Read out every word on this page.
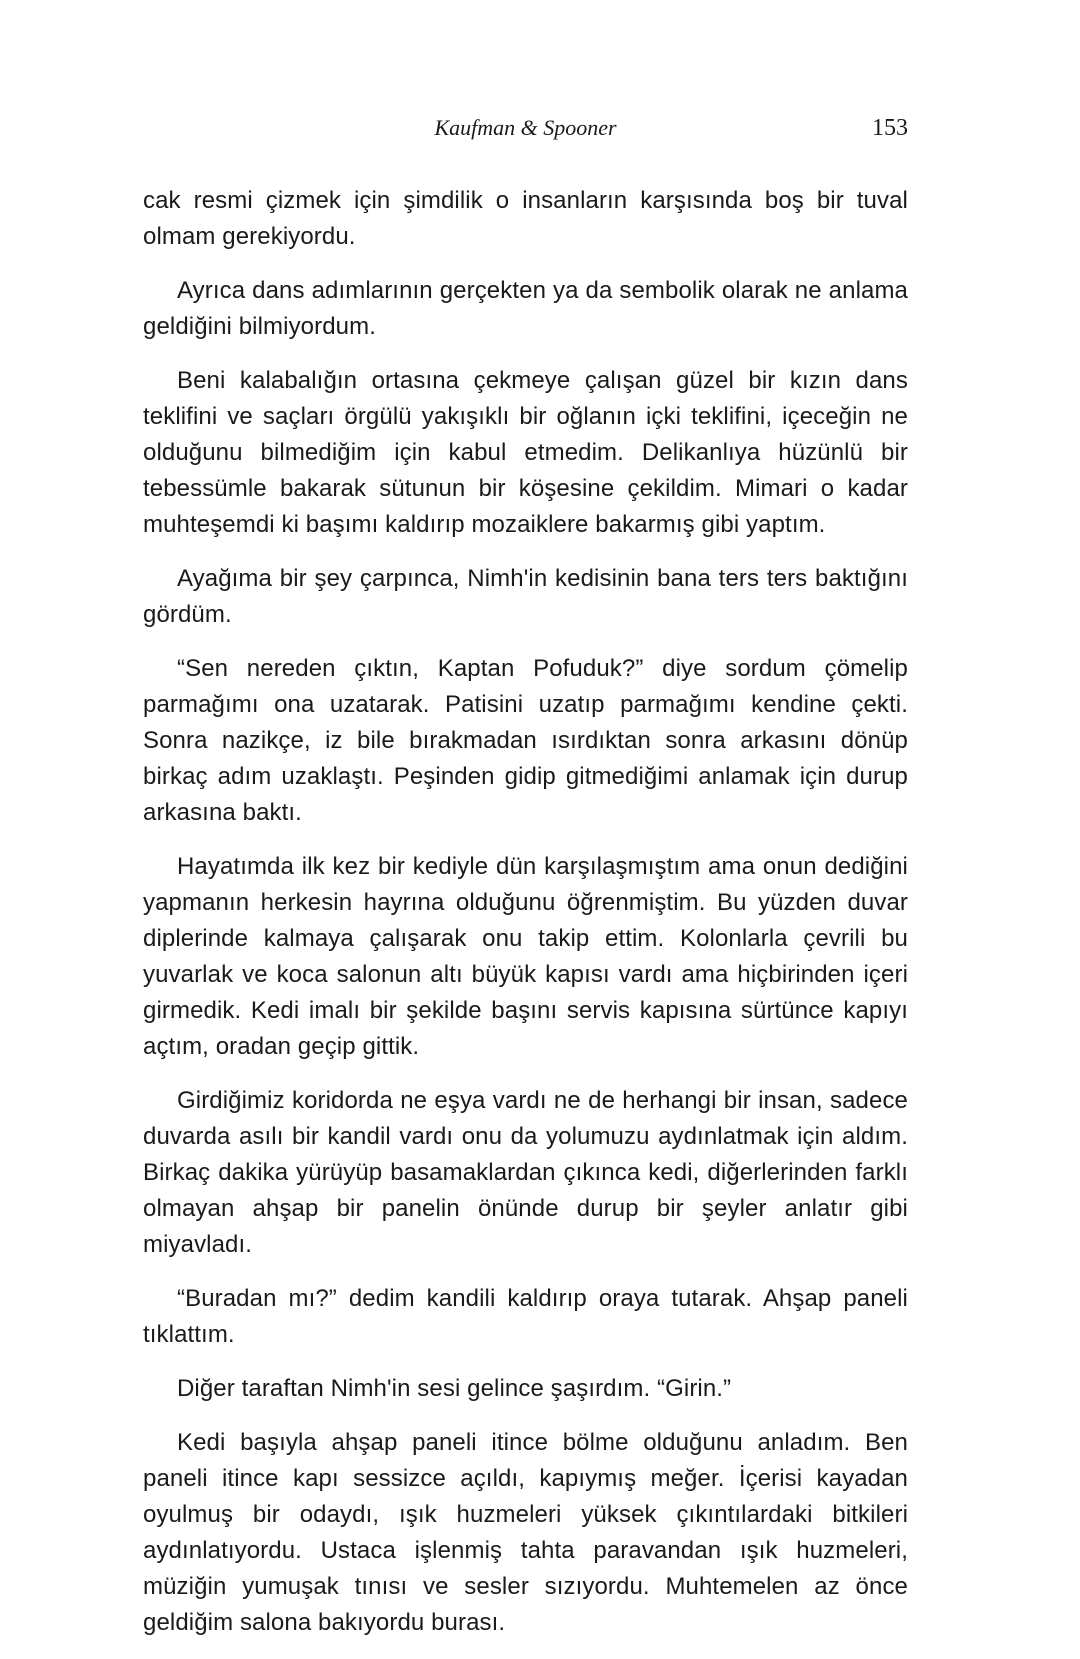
Kaufman & Spooner	153

cak resmi çizmek için şimdilik o insanların karşısında boş bir tuval olmam gerekiyordu.

Ayrıca dans adımlarının gerçekten ya da sembolik olarak ne anlama geldiğini bilmiyordum.

Beni kalabalığın ortasına çekmeye çalışan güzel bir kızın dans teklifini ve saçları örgülü yakışıklı bir oğlanın içki teklifini, içeceğin ne olduğunu bilmediğim için kabul etmedim. Delikanlıya hüzünlü bir tebessümle bakarak sütunun bir köşesine çekildim. Mimari o kadar muhteşemdi ki başımı kaldırıp mozaiklere bakarmış gibi yaptım.

Ayağıma bir şey çarpınca, Nimh'in kedisinin bana ters ters baktığını gördüm.

“Sen nereden çıktın, Kaptan Pofuduk?” diye sordum çömelip parmağımı ona uzatarak. Patisini uzatıp parmağımı kendine çekti. Sonra nazikçe, iz bile bırakmadan ısırdıktan sonra arkasını dönüp birkaç adım uzaklaştı. Peşinden gidip gitmediğimi anlamak için durup arkasına baktı.

Hayatımda ilk kez bir kediyle dün karşılaşmıştım ama onun dediğini yapmanın herkesin hayrına olduğunu öğrenmiştim. Bu yüzden duvar diplerinde kalmaya çalışarak onu takip ettim. Kolonlarla çevrili bu yuvarlak ve koca salonun altı büyük kapısı vardı ama hiçbirinden içeri girmedik. Kedi imalı bir şekilde başını servis kapısına sürtünce kapıyı açtım, oradan geçip gittik.

Girdiğimiz koridorda ne eşya vardı ne de herhangi bir insan, sadece duvarda asılı bir kandil vardı onu da yolumuzu aydınlatmak için aldım. Birkaç dakika yürüyüp basamaklardan çıkınca kedi, diğerlerinden farklı olmayan ahşap bir panelin önünde durup bir şeyler anlatır gibi miyavladı.

“Buradan mı?” dedim kandili kaldırıp oraya tutarak. Ahşap paneli tıklattım.

Diğer taraftan Nimh'in sesi gelince şaşırdım. “Girin.”

Kedi başıyla ahşap paneli itince bölme olduğunu anladım. Ben paneli itince kapı sessizce açıldı, kapıymış meğer. İçerisi kayadan oyulmuş bir odaydı, ışık huzmeleri yüksek çıkıntılardaki bitkileri aydınlatıyordu. Ustaca işlenmiş tahta paravandan ışık huzmeleri, müziğin yumuşak tınısı ve sesler sızıyordu. Muhtemelen az önce geldiğim salona bakıyordu burası.
